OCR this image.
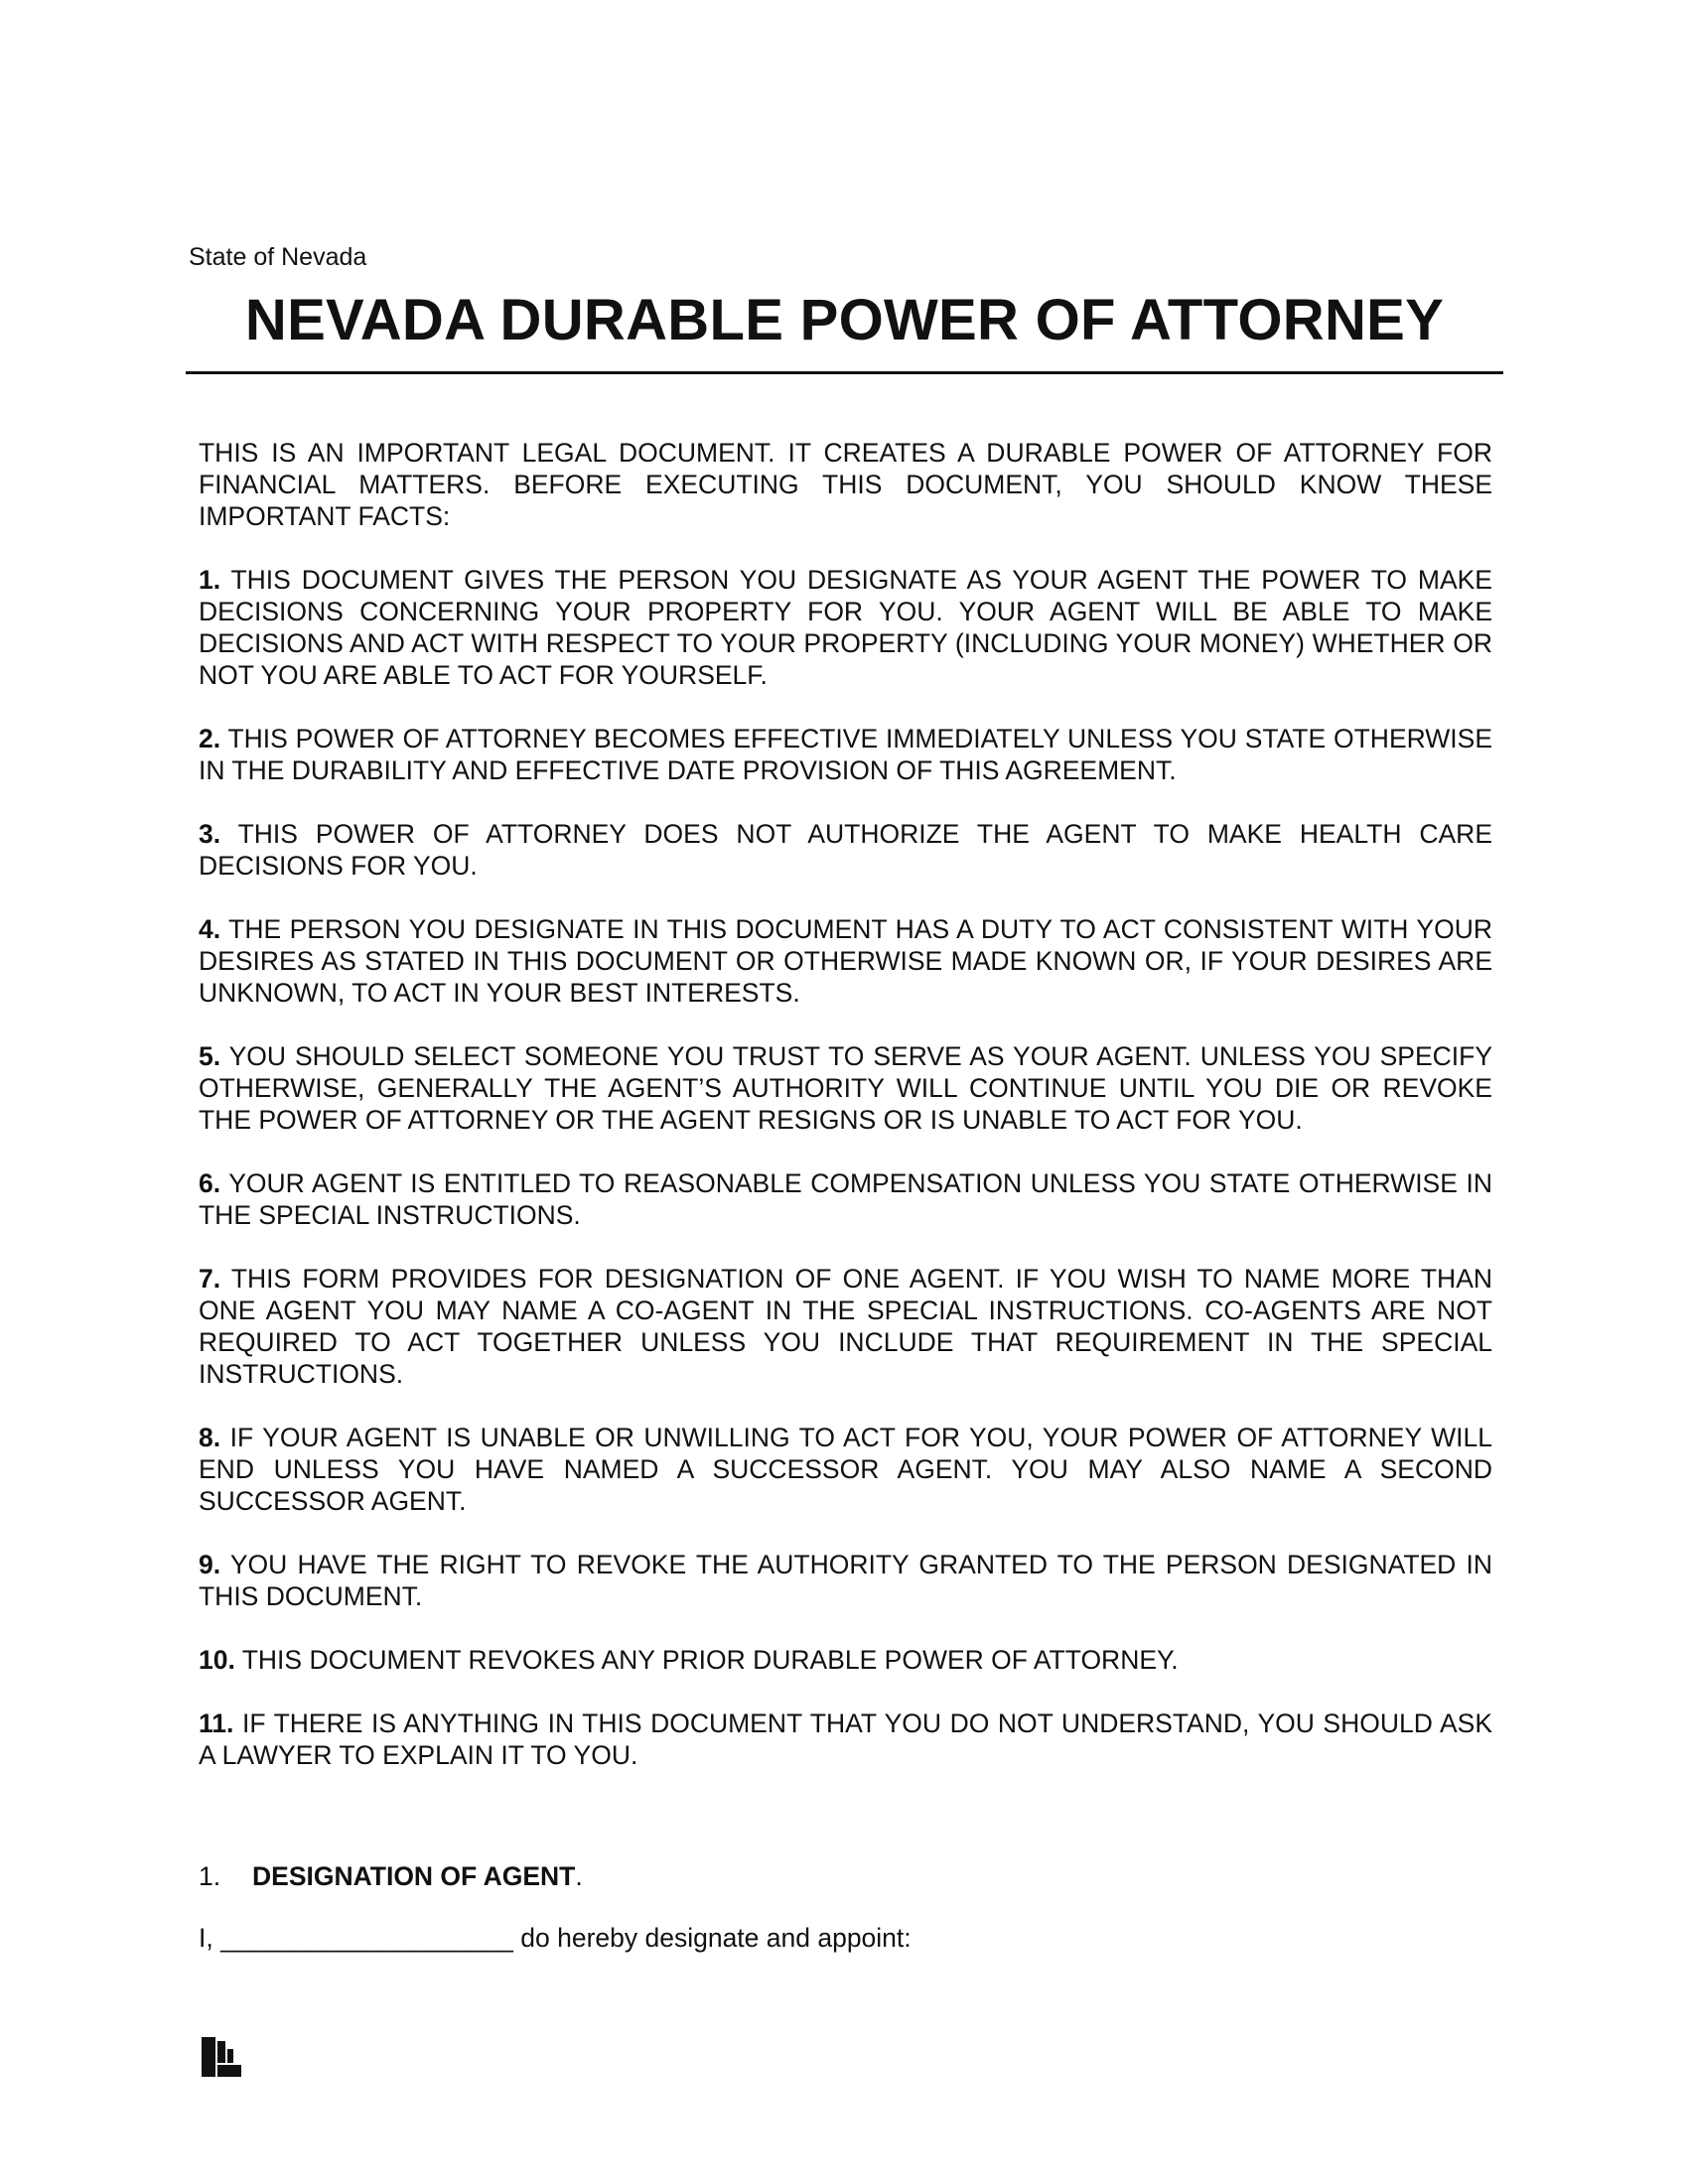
State of Nevada
NEVADA DURABLE POWER OF ATTORNEY

THIS IS AN IMPORTANT LEGAL DOCUMENT. IT CREATES A DURABLE POWER OF ATTORNEY FOR FINANCIAL MATTERS. BEFORE EXECUTING THIS DOCUMENT, YOU SHOULD KNOW THESE IMPORTANT FACTS:

1. THIS DOCUMENT GIVES THE PERSON YOU DESIGNATE AS YOUR AGENT THE POWER TO MAKE DECISIONS CONCERNING YOUR PROPERTY FOR YOU. YOUR AGENT WILL BE ABLE TO MAKE DECISIONS AND ACT WITH RESPECT TO YOUR PROPERTY (INCLUDING YOUR MONEY) WHETHER OR NOT YOU ARE ABLE TO ACT FOR YOURSELF.

2. THIS POWER OF ATTORNEY BECOMES EFFECTIVE IMMEDIATELY UNLESS YOU STATE OTHERWISE IN THE DURABILITY AND EFFECTIVE DATE PROVISION OF THIS AGREEMENT.

3. THIS POWER OF ATTORNEY DOES NOT AUTHORIZE THE AGENT TO MAKE HEALTH CARE DECISIONS FOR YOU.

4. THE PERSON YOU DESIGNATE IN THIS DOCUMENT HAS A DUTY TO ACT CONSISTENT WITH YOUR DESIRES AS STATED IN THIS DOCUMENT OR OTHERWISE MADE KNOWN OR, IF YOUR DESIRES ARE UNKNOWN, TO ACT IN YOUR BEST INTERESTS.

5. YOU SHOULD SELECT SOMEONE YOU TRUST TO SERVE AS YOUR AGENT. UNLESS YOU SPECIFY OTHERWISE, GENERALLY THE AGENT’S AUTHORITY WILL CONTINUE UNTIL YOU DIE OR REVOKE THE POWER OF ATTORNEY OR THE AGENT RESIGNS OR IS UNABLE TO ACT FOR YOU.

6. YOUR AGENT IS ENTITLED TO REASONABLE COMPENSATION UNLESS YOU STATE OTHERWISE IN THE SPECIAL INSTRUCTIONS.

7. THIS FORM PROVIDES FOR DESIGNATION OF ONE AGENT. IF YOU WISH TO NAME MORE THAN ONE AGENT YOU MAY NAME A CO-AGENT IN THE SPECIAL INSTRUCTIONS. CO-AGENTS ARE NOT REQUIRED TO ACT TOGETHER UNLESS YOU INCLUDE THAT REQUIREMENT IN THE SPECIAL INSTRUCTIONS.

8. IF YOUR AGENT IS UNABLE OR UNWILLING TO ACT FOR YOU, YOUR POWER OF ATTORNEY WILL END UNLESS YOU HAVE NAMED A SUCCESSOR AGENT. YOU MAY ALSO NAME A SECOND SUCCESSOR AGENT.

9. YOU HAVE THE RIGHT TO REVOKE THE AUTHORITY GRANTED TO THE PERSON DESIGNATED IN THIS DOCUMENT.

10. THIS DOCUMENT REVOKES ANY PRIOR DURABLE POWER OF ATTORNEY.

11. IF THERE IS ANYTHING IN THIS DOCUMENT THAT YOU DO NOT UNDERSTAND, YOU SHOULD ASK A LAWYER TO EXPLAIN IT TO YOU.

1. DESIGNATION OF AGENT.
I, ____________________ do hereby designate and appoint:
